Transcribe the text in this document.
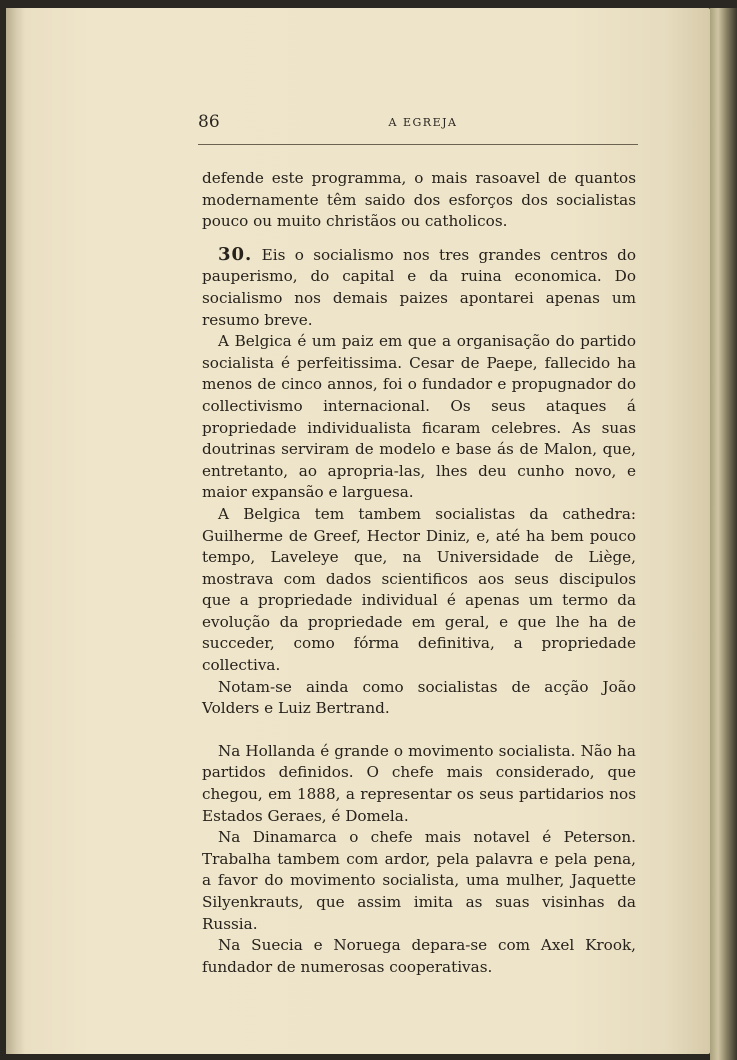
86	A EGREJA

defende este programma, o mais rasoavel de quantos modernamente têm saido dos esforços dos socialistas pouco ou muito christãos ou catholicos.

30. Eis o socialismo nos tres grandes centros do pauperismo, do capital e da ruina economica. Do socialismo nos demais paizes apontarei apenas um resumo breve.

A Belgica é um paiz em que a organisação do partido socialista é perfeitissima. Cesar de Paepe, fallecido ha menos de cinco annos, foi o fundador e propugnador do collectivismo internacional. Os seus ataques á propriedade individualista ficaram celebres. As suas doutrinas serviram de modelo e base ás de Malon, que, entretanto, ao apropria-las, lhes deu cunho novo, e maior expansão e larguesa.

A Belgica tem tambem socialistas da cathedra: Guilherme de Greef, Hector Diniz, e, até ha bem pouco tempo, Laveleye que, na Universidade de Liège, mostrava com dados scientificos aos seus discipulos que a propriedade individual é apenas um termo da evolução da propriedade em geral, e que lhe ha de succeder, como fórma definitiva, a propriedade collectiva.

Notam-se ainda como socialistas de acção João Volders e Luiz Bertrand.

Na Hollanda é grande o movimento socialista. Não ha partidos definidos. O chefe mais considerado, que chegou, em 1888, a representar os seus partidarios nos Estados Geraes, é Domela.

Na Dinamarca o chefe mais notavel é Peterson. Trabalha tambem com ardor, pela palavra e pela pena, a favor do movimento socialista, uma mulher, Jaquette Silyenkrauts, que assim imita as suas visinhas da Russia.

Na Suecia e Noruega depara-se com Axel Krook, fundador de numerosas cooperativas.
